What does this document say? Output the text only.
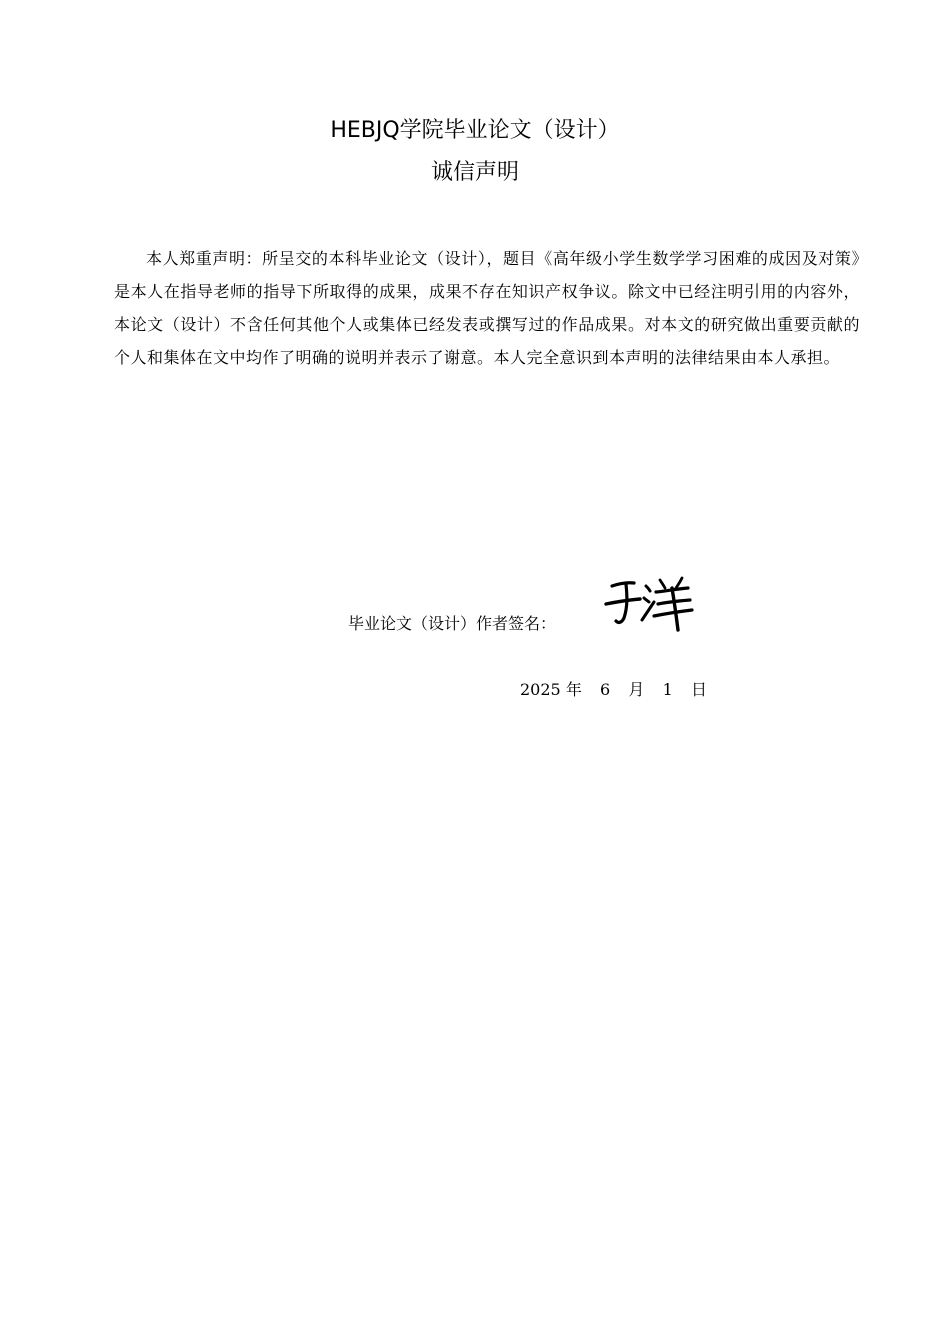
HEBJQ学院毕业论文（设计）
诚信声明

本人郑重声明：所呈交的本科毕业论文（设计），题目《高年级小学生数学学习困难的成因及对策》是本人在指导老师的指导下所取得的成果，成果不存在知识产权争议。除文中已经注明引用的内容外，本论文（设计）不含任何其他个人或集体已经发表或撰写过的作品成果。对本文的研究做出重要贡献的个人和集体在文中均作了明确的说明并表示了谢意。本人完全意识到本声明的法律结果由本人承担。

毕业论文（设计）作者签名：
2025 年 6 月 1 日
